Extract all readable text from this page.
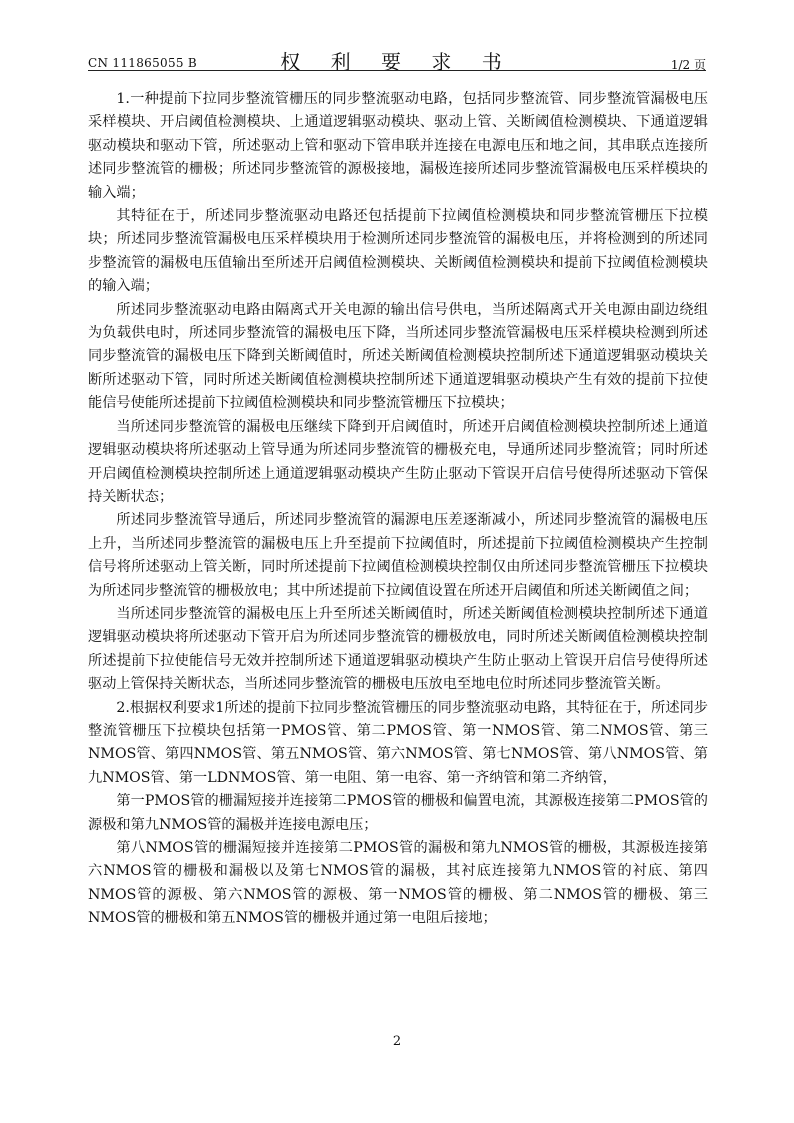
CN 111865055 B	权 利 要 求 书	1/2 页

1.一种提前下拉同步整流管栅压的同步整流驱动电路，包括同步整流管、同步整流管漏极电压采样模块、开启阈值检测模块、上通道逻辑驱动模块、驱动上管、关断阈值检测模块、下通道逻辑驱动模块和驱动下管，所述驱动上管和驱动下管串联并连接在电源电压和地之间，其串联点连接所述同步整流管的栅极；所述同步整流管的源极接地，漏极连接所述同步整流管漏极电压采样模块的输入端；

其特征在于，所述同步整流驱动电路还包括提前下拉阈值检测模块和同步整流管栅压下拉模块；所述同步整流管漏极电压采样模块用于检测所述同步整流管的漏极电压，并将检测到的所述同步整流管的漏极电压值输出至所述开启阈值检测模块、关断阈值检测模块和提前下拉阈值检测模块的输入端；

所述同步整流驱动电路由隔离式开关电源的输出信号供电，当所述隔离式开关电源由副边绕组为负载供电时，所述同步整流管的漏极电压下降，当所述同步整流管漏极电压采样模块检测到所述同步整流管的漏极电压下降到关断阈值时，所述关断阈值检测模块控制所述下通道逻辑驱动模块关断所述驱动下管，同时所述关断阈值检测模块控制所述下通道逻辑驱动模块产生有效的提前下拉使能信号使能所述提前下拉阈值检测模块和同步整流管栅压下拉模块；

当所述同步整流管的漏极电压继续下降到开启阈值时，所述开启阈值检测模块控制所述上通道逻辑驱动模块将所述驱动上管导通为所述同步整流管的栅极充电，导通所述同步整流管；同时所述开启阈值检测模块控制所述上通道逻辑驱动模块产生防止驱动下管误开启信号使得所述驱动下管保持关断状态；

所述同步整流管导通后，所述同步整流管的漏源电压差逐渐减小，所述同步整流管的漏极电压上升，当所述同步整流管的漏极电压上升至提前下拉阈值时，所述提前下拉阈值检测模块产生控制信号将所述驱动上管关断，同时所述提前下拉阈值检测模块控制仅由所述同步整流管栅压下拉模块为所述同步整流管的栅极放电；其中所述提前下拉阈值设置在所述开启阈值和所述关断阈值之间；

当所述同步整流管的漏极电压上升至所述关断阈值时，所述关断阈值检测模块控制所述下通道逻辑驱动模块将所述驱动下管开启为所述同步整流管的栅极放电，同时所述关断阈值检测模块控制所述提前下拉使能信号无效并控制所述下通道逻辑驱动模块产生防止驱动上管误开启信号使得所述驱动上管保持关断状态，当所述同步整流管的栅极电压放电至地电位时所述同步整流管关断。

2.根据权利要求1所述的提前下拉同步整流管栅压的同步整流驱动电路，其特征在于，所述同步整流管栅压下拉模块包括第一PMOS管、第二PMOS管、第一NMOS管、第二NMOS管、第三NMOS管、第四NMOS管、第五NMOS管、第六NMOS管、第七NMOS管、第八NMOS管、第九NMOS管、第一LDNMOS管、第一电阻、第一电容、第一齐纳管和第二齐纳管，

第一PMOS管的栅漏短接并连接第二PMOS管的栅极和偏置电流，其源极连接第二PMOS管的源极和第九NMOS管的漏极并连接电源电压；

第八NMOS管的栅漏短接并连接第二PMOS管的漏极和第九NMOS管的栅极，其源极连接第六NMOS管的栅极和漏极以及第七NMOS管的漏极，其衬底连接第九NMOS管的衬底、第四NMOS管的源极、第六NMOS管的源极、第一NMOS管的栅极、第二NMOS管的栅极、第三NMOS管的栅极和第五NMOS管的栅极并通过第一电阻后接地；

2
